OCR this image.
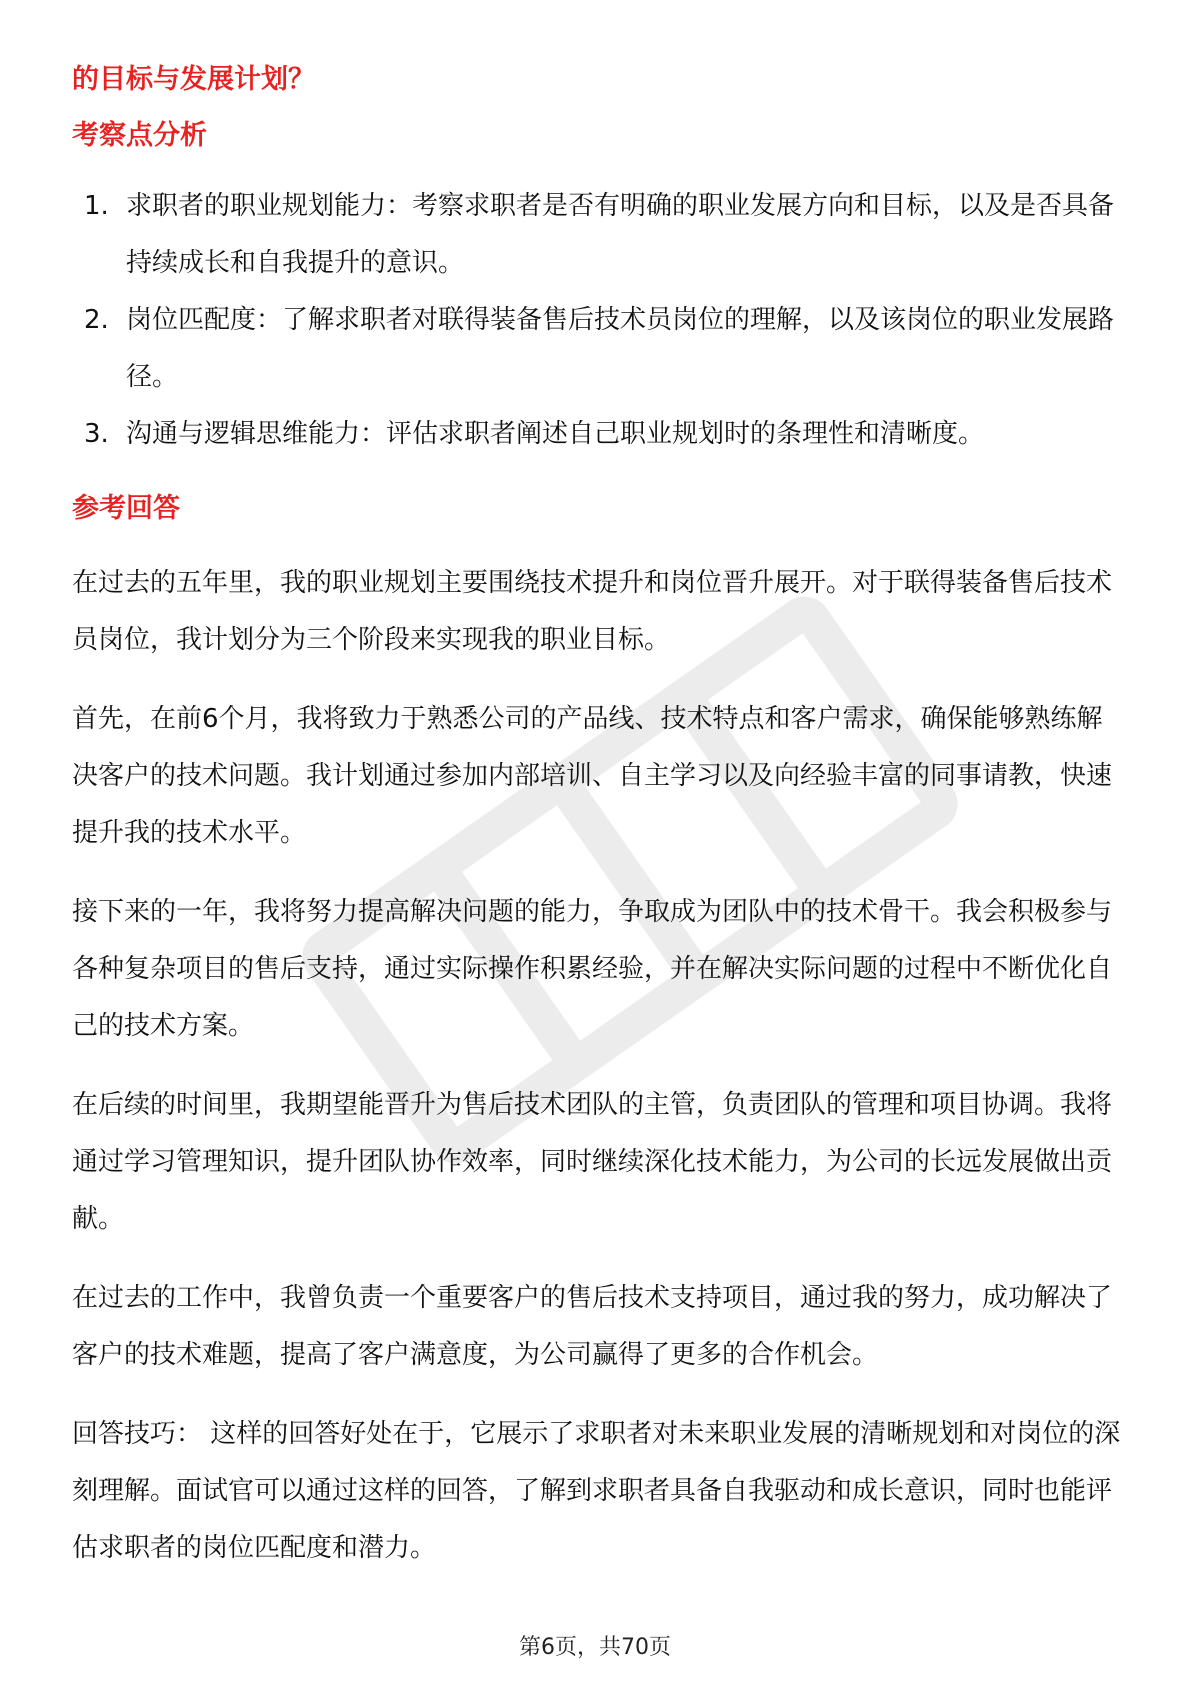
的目标与发展计划？

考察点分析

1. 求职者的职业规划能力：考察求职者是否有明确的职业发展方向和目标，以及是否具备持续成长和自我提升的意识。
2. 岗位匹配度：了解求职者对联得装备售后技术员岗位的理解，以及该岗位的职业发展路径。
3. 沟通与逻辑思维能力：评估求职者阐述自己职业规划时的条理性和清晰度。

参考回答

在过去的五年里，我的职业规划主要围绕技术提升和岗位晋升展开。对于联得装备售后技术员岗位，我计划分为三个阶段来实现我的职业目标。

首先，在前6个月，我将致力于熟悉公司的产品线、技术特点和客户需求，确保能够熟练解决客户的技术问题。我计划通过参加内部培训、自主学习以及向经验丰富的同事请教，快速提升我的技术水平。

接下来的一年，我将努力提高解决问题的能力，争取成为团队中的技术骨干。我会积极参与各种复杂项目的售后支持，通过实际操作积累经验，并在解决实际问题的过程中不断优化自己的技术方案。

在后续的时间里，我期望能晋升为售后技术团队的主管，负责团队的管理和项目协调。我将通过学习管理知识，提升团队协作效率，同时继续深化技术能力，为公司的长远发展做出贡献。

在过去的工作中，我曾负责一个重要客户的售后技术支持项目，通过我的努力，成功解决了客户的技术难题，提高了客户满意度，为公司赢得了更多的合作机会。

回答技巧： 这样的回答好处在于，它展示了求职者对未来职业发展的清晰规划和对岗位的深刻理解。面试官可以通过这样的回答，了解到求职者具备自我驱动和成长意识，同时也能评估求职者的岗位匹配度和潜力。

第6页，共70页
